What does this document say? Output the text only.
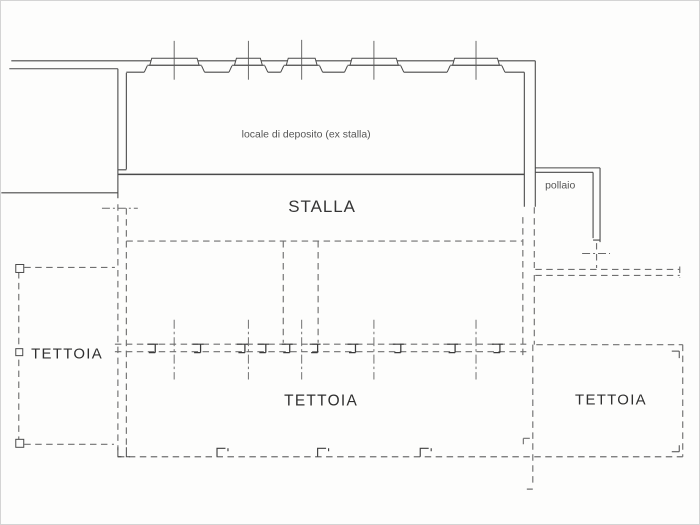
locale di deposito (ex stalla)
STALLA
pollaio
TETTOIA
TETTOIA	TETTOIA
